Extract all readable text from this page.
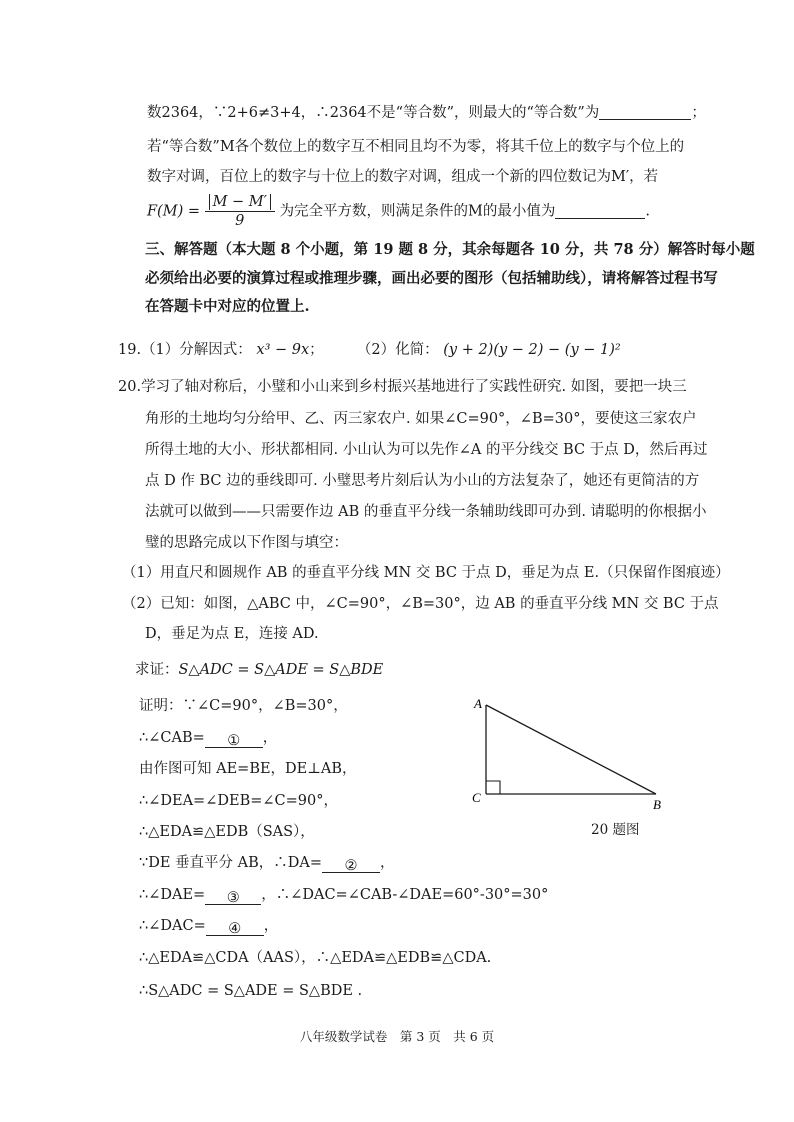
数2364，∵2+6≠3+4，∴2364不是“等合数”，则最大的“等合数”为	；
若“等合数”M各个数位上的数字互不相同且均不为零，将其千位上的数字与个位上的
数字对调，百位上的数字与十位上的数字对调，组成一个新的四位数记为M′，若
$F(M) = \frac{M - M'}{9}$ 为完全平方数，则满足条件的M的最小值为	.
三、解答题（本大题 8 个小题，第 19 题 8 分，其余每题各 10 分，共 78 分）解答时每小题
必须给出必要的演算过程或推理步骤，画出必要的图形（包括辅助线），请将解答过程书写
在答题卡中对应的位置上.
19.（1）分解因式： x³ − 9x； （2）化简： (y + 2)(y − 2) − (y − 1)²
20.学习了轴对称后，小璧和小山来到乡村振兴基地进行了实践性研究. 如图，要把一块三
角形的土地均匀分给甲、乙、丙三家农户. 如果∠C=90°，∠B=30°，要使这三家农户
所得土地的大小、形状都相同. 小山认为可以先作∠A 的平分线交 BC 于点 D，然后再过
点 D 作 BC 边的垂线即可. 小璧思考片刻后认为小山的方法复杂了，她还有更简洁的方
法就可以做到——只需要作边 AB 的垂直平分线一条辅助线即可办到. 请聪明的你根据小
璧的思路完成以下作图与填空：
（1）用直尺和圆规作 AB 的垂直平分线 MN 交 BC 于点 D，垂足为点 E.（只保留作图痕迹）
（2）已知：如图，△ABC 中，∠C=90°，∠B=30°，边 AB 的垂直平分线 MN 交 BC 于点
D，垂足为点 E，连接 AD.
求证：S△ADC = S△ADE = S△BDE
证明：∵∠C=90°，∠B=30°，
∴∠CAB= ① ，
由作图可知 AE=BE，DE⊥AB，
∴∠DEA=∠DEB=∠C=90°，
∴△EDA≌△EDB（SAS），
∵DE 垂直平分 AB，∴DA= ② ，
∴∠DAE= ③ ，∴∠DAC=∠CAB-∠DAE=60°-30°=30°
∴∠DAC= ④ ，
∴△EDA≌△CDA（AAS），∴△EDA≌△EDB≌△CDA.
∴S△ADC = S△ADE = S△BDE .
A
C	B
20 题图
八年级数学试卷　第 3 页　共 6 页
